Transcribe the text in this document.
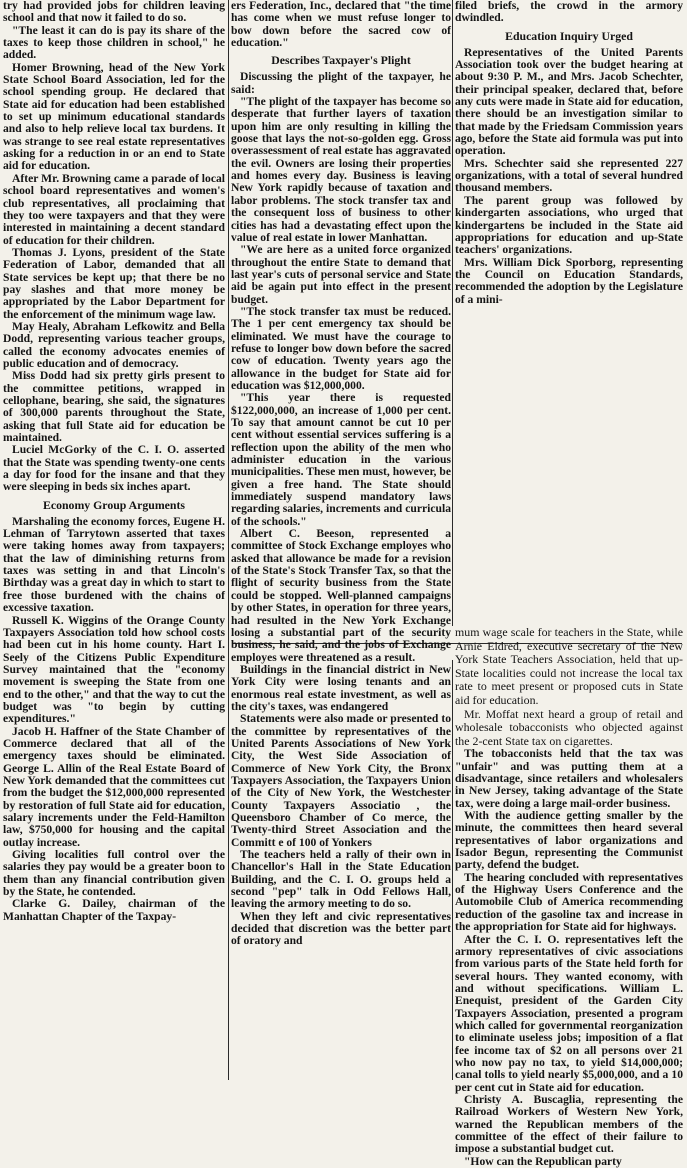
try had provided jobs for children leaving school and that now it failed to do so.

"The least it can do is pay its share of the taxes to keep those children in school," he added.

Homer Browning, head of the New York State School Board Association, led for the school spending group. He declared that State aid for education had been established to set up minimum educational standards and also to help relieve local tax burdens. It was strange to see real estate representatives asking for a reduction in or an end to State aid for education.

After Mr. Browning came a parade of local school board representatives and women's club representatives, all proclaiming that they too were taxpayers and that they were interested in maintaining a decent standard of education for their children.

Thomas J. Lyons, president of the State Federation of Labor, demanded that all State services be kept up; that there be no pay slashes and that more money be appropriated by the Labor Department for the enforcement of the minimum wage law.

May Healy, Abraham Lefkowitz and Bella Dodd, representing various teacher groups, called the economy advocates enemies of public education and of democracy.

Miss Dodd had six pretty girls present to the committee petitions, wrapped in cellophane, bearing, she said, the signatures of 300,000 parents throughout the State, asking that full State aid for education be maintained.

Luciel McGorky of the C. I. O. asserted that the State was spending twenty-one cents a day for food for the insane and that they were sleeping in beds six inches apart.

Economy Group Arguments

Marshaling the economy forces, Eugene H. Lehman of Tarrytown asserted that taxes were taking homes away from taxpayers; that the law of diminishing returns from taxes was setting in and that Lincoln's Birthday was a great day in which to start to free those burdened with the chains of excessive taxation.

Russell K. Wiggins of the Orange County Taxpayers Association told how school costs had been cut in his home county. Hart I. Seely of the Citizens Public Expenditure Survey maintained that the "economy movement is sweeping the State from one end to the other," and that the way to cut the budget was "to begin by cutting expenditures."

Jacob H. Haffner of the State Chamber of Commerce declared that all of the emergency taxes should be eliminated. George L. Allin of the Real Estate Board of New York demanded that the committees cut from the budget the $12,000,000 represented by restoration of full State aid for education, salary increments under the Feld-Hamilton law, $750,000 for housing and the capital outlay increase.

Giving localities full control over the salaries they pay would be a greater boon to them than any financial contribution given by the State, he contended.

Clarke G. Dailey, chairman of the Manhattan Chapter of the Taxpay-

ers Federation, Inc., declared that "the time has come when we must refuse longer to bow down before the sacred cow of education."

Describes Taxpayer's Plight

Discussing the plight of the taxpayer, he said:

"The plight of the taxpayer has become so desperate that further layers of taxation upon him are only resulting in killing the goose that lays the not-so-golden egg. Gross overassessment of real estate has aggravated the evil. Owners are losing their properties and homes every day. Business is leaving New York rapidly because of taxation and labor problems. The stock transfer tax and the consequent loss of business to other cities has had a devastating effect upon the value of real estate in lower Manhattan.

"We are here as a united force organized throughout the entire State to demand that last year's cuts of personal service and State aid be again put into effect in the present budget.

"The stock transfer tax must be reduced. The 1 per cent emergency tax should be eliminated. We must have the courage to refuse to longer bow down before the sacred cow of education. Twenty years ago the allowance in the budget for State aid for education was $12,000,000.

"This year there is requested $122,000,000, an increase of 1,000 per cent. To say that amount cannot be cut 10 per cent without essential services suffering is a reflection upon the ability of the men who administer education in the various municipalities. These men must, however, be given a free hand. The State should immediately suspend mandatory laws regarding salaries, increments and curricula of the schools."

Albert C. Beeson, represented a committee of Stock Exchange employes who asked that allowance be made for a revision of the State's Stock Transfer Tax, so that the flight of security business from the State could be stopped. Well-planned campaigns by other States, in operation for three years, had resulted in the New York Exchange losing a substantial part of the security business, he said, and the jobs of Exchange employes were threatened as a result.

Buildings in the financial district in New York City were losing tenants and an enormous real estate investment, as well as the city's taxes, was endangered

Statements were also made or presented to the committee by representatives of the United Parents Associations of New York City, the West Side Association of Commerce of New York City, the Bronx Taxpayers Association, the Taxpayers Union of the City of New York, the Westchester County Taxpayers Associatio , the Queensboro Chamber of Co merce, the Twenty-third Street Association and the Committ e of 100 of Yonkers

The teachers held a rally of their own in Chancellor's Hall in the State Education Building, and the C. I. O. groups held a second "pep" talk in Odd Fellows Hall, leaving the armory meeting to do so.

When they left and civic representatives decided that discretion was the better part of oratory and

filed briefs, the crowd in the armory dwindled.

Education Inquiry Urged

Representatives of the United Parents Association took over the budget hearing at about 9:30 P. M., and Mrs. Jacob Schechter, their principal speaker, declared that, before any cuts were made in State aid for education, there should be an investigation similar to that made by the Friedsam Commission years ago, before the State aid formula was put into operation.

Mrs. Schechter said she represented 227 organizations, with a total of several hundred thousand members.

The parent group was followed by kindergarten associations, who urged that kindergartens be included in the State aid appropriations for education and up-State teachers' organizations.

Mrs. William Dick Sporborg, representing the Council on Education Standards, recommended the adoption by the Legislature of a mini-

mum wage scale for teachers in the State, while Arnie Eldred, executive secretary of the New York State Teachers Association, held that up-State localities could not increase the local tax rate to meet present or proposed cuts in State aid for education.

Mr. Moffat next heard a group of retail and wholesale tobacconists who objected against the 2-cent State tax on cigarettes.

The tobacconists held that the tax was "unfair" and was putting them at a disadvantage, since retailers and wholesalers in New Jersey, taking advantage of the State tax, were doing a large mail-order business.

With the audience getting smaller by the minute, the committees then heard several representatives of labor organizations and Isador Begun, representing the Communist party, defend the budget.

The hearing concluded with representatives of the Highway Users Conference and the Automobile Club of America recommending reduction of the gasoline tax and increase in the appropriation for State aid for highways.

After the C. I. O. representatives left the armory representatives of civic associations from various parts of the State held forth for several hours. They wanted economy, with and without specifications. William L. Enequist, president of the Garden City Taxpayers Association, presented a program which called for governmental reorganization to eliminate useless jobs; imposition of a flat fee income tax of $2 on all persons over 21 who now pay no tax, to yield $14,000,000; canal tolls to yield nearly $5,000,000, and a 10 per cent cut in State aid for education.

Christy A. Buscaglia, representing the Railroad Workers of Western New York, warned the Republican members of the committee of the effect of their failure to impose a substantial budget cut.

"How can the Republican party
